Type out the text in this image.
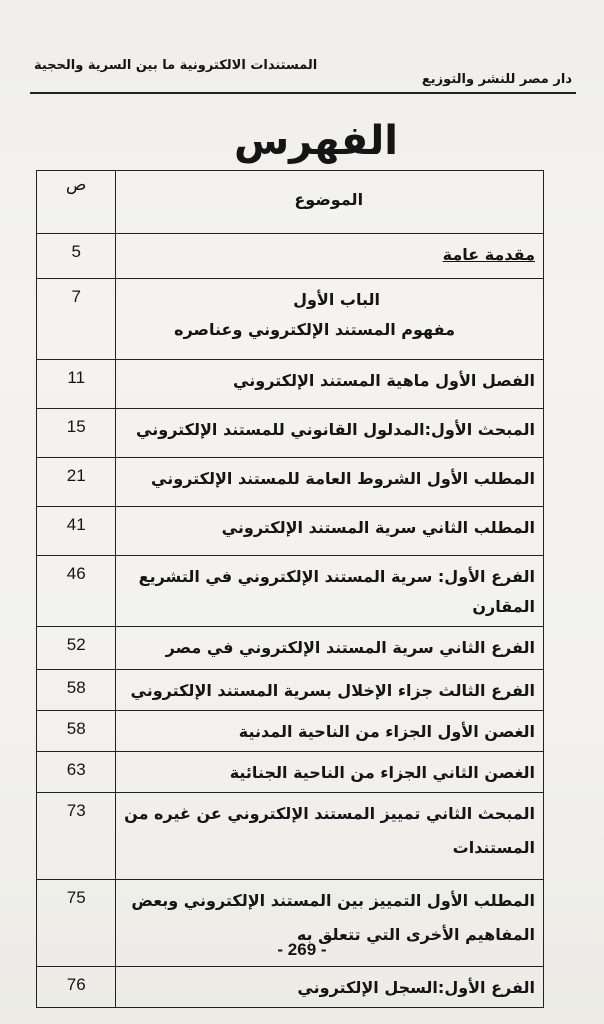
دار مصر للنشر والتوزيع
المستندات الالكترونية ما بين السرية والحجية
الفهرس
الموضوع	ص
مقدمة عامة	5

الباب الأول
مفهوم المستند الإلكتروني وعناصره	7
الفصل الأول ماهية المستند الإلكتروني	11
المبحث الأول:المدلول القانوني للمستند الإلكتروني	15
المطلب الأول الشروط العامة للمستند الإلكتروني	21
المطلب الثاني سرية المستند الإلكتروني	41
الفرع الأول: سرية المستند الإلكتروني في التشريع المقارن	46
الفرع الثاني سرية المستند الإلكتروني في مصر	52
الفرع الثالث جزاء الإخلال بسرية المستند الإلكتروني	58
الغصن الأول الجزاء من الناحية المدنية	58
الغصن الثاني الجزاء من الناحية الجنائية	63

المبحث الثاني تمييز المستند الإلكتروني عن غيره من
المستندات	73

المطلب الأول التمييز بين المستند الإلكتروني وبعض
المفاهيم الأخرى التي تتعلق به	75
الفرع الأول:السجل الإلكتروني	76
- 269 -
